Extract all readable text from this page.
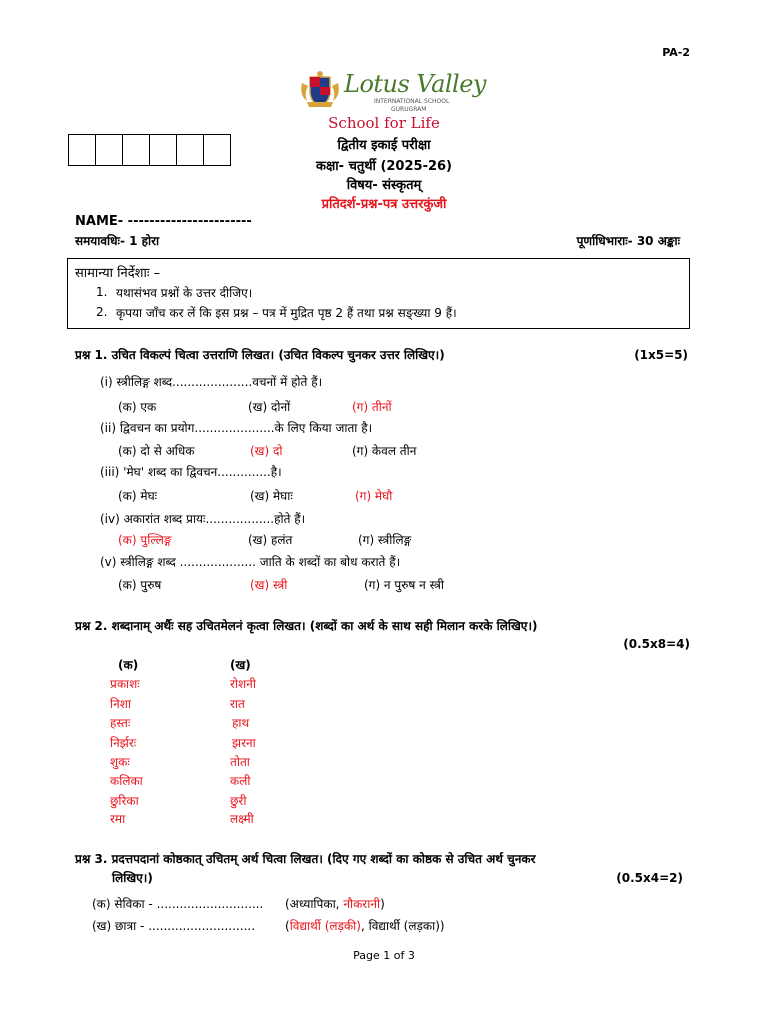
PA-2
Lotus Valley
INTERNATIONAL SCHOOL
GURUGRAM
School for Life
द्वितीय इकाई परीक्षा
कक्षा- चतुर्थी (2025-26)
विषय- संस्कृतम्
प्रतिदर्श-प्रश्न-पत्र उत्तरकुंजी
NAME- -----------------------
समयावधिः- 1 होरा	पूर्णाधिभाराः- 30 अङ्काः
सामान्या निर्देशाः –
1. यथासंभव प्रश्नों के उत्तर दीजिए।
2. कृपया जाँच कर लें कि इस प्रश्न – पत्र में मुद्रित पृष्ठ 2 हैं तथा प्रश्न सङ्ख्या 9 हैं।
प्रश्न 1. उचित विकल्पं चित्वा उत्तराणि लिखत। (उचित विकल्प चुनकर उत्तर लिखिए।)	(1x5=5)
(i) स्त्रीलिङ्ग शब्द.....................वचनों में होते हैं।
(क) एक	(ख) दोनों	(ग) तीनों
(ii) द्विवचन का प्रयोग.....................के लिए किया जाता है।
(क) दो से अधिक	(ख) दो	(ग) केवल तीन
(iii) 'मेघ' शब्द का द्विवचन..............है।
(क) मेघः	(ख) मेघाः	(ग) मेघौ
(iv) अकारांत शब्द प्रायः..................होते हैं।
(क) पुल्लिङ्ग	(ख) हलंत	(ग) स्त्रीलिङ्ग
(v) स्त्रीलिङ्ग शब्द .................... जाति के शब्दों का बोध कराते हैं।
(क) पुरुष	(ख) स्त्री	(ग) न पुरुष न स्त्री
प्रश्न 2. शब्दानाम् अर्थैः सह उचितमेलनं कृत्वा लिखत। (शब्दों का अर्थ के साथ सही मिलान करके लिखिए।)
(0.5x8=4)
(क)	(ख)
प्रकाशः	रोशनी
निशा	रात
हस्तः	हाथ
निर्झरः	झरना
शुकः	तोता
कलिका	कली
छुरिका	छुरी
रमा	लक्ष्मी
प्रश्न 3. प्रदत्तपदानां कोष्ठकात् उचितम् अर्थ चित्वा लिखत। (दिए गए शब्दों का कोष्ठक से उचित अर्थ चुनकर
लिखिए।)	(0.5x4=2)
(क) सेविका - ............................ (अध्यापिका, नौकरानी)
(ख) छात्रा - ............................ (विद्यार्थी (लड़की), विद्यार्थी (लड़का))
Page 1 of 3
